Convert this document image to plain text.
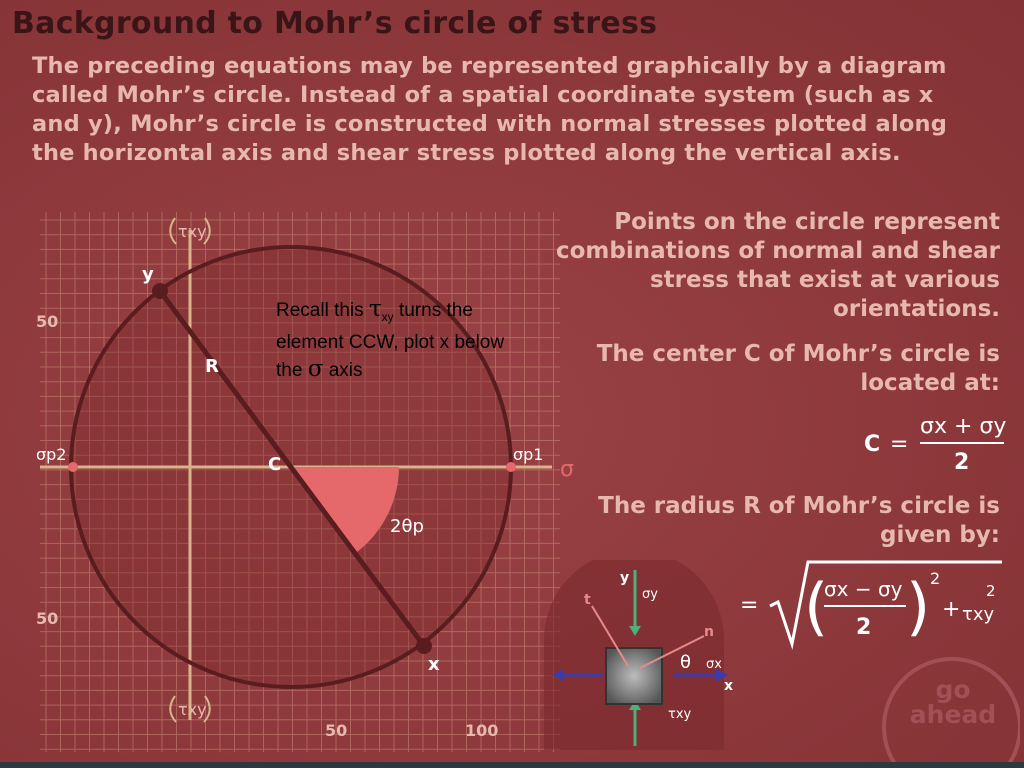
Background to Mohr’s circle of stress
The preceding equations may be represented graphically by a diagram called Mohr’s circle. Instead of a spatial coordinate system (such as x and y), Mohr’s circle is constructed with normal stresses plotted along the horizontal axis and shear stress plotted along the vertical axis.
τxy
τxy
50
50
50	100
σ
y
x
R
C	σp1
σp2
2θp
Recall this $\tau_{xy}$ turns the element CCW, plot x below the σ axis
Points on the circle represent combinations of normal and shear stress that exist at various orientations.
The center C of Mohr’s circle is located at:
The radius R of Mohr’s circle is given by:
C =
σx + σy
2
= (
σx − σy
2 ) 2
+ τxy
2
y
σy
t
n
θ σx
x
τxy
go
ahead
